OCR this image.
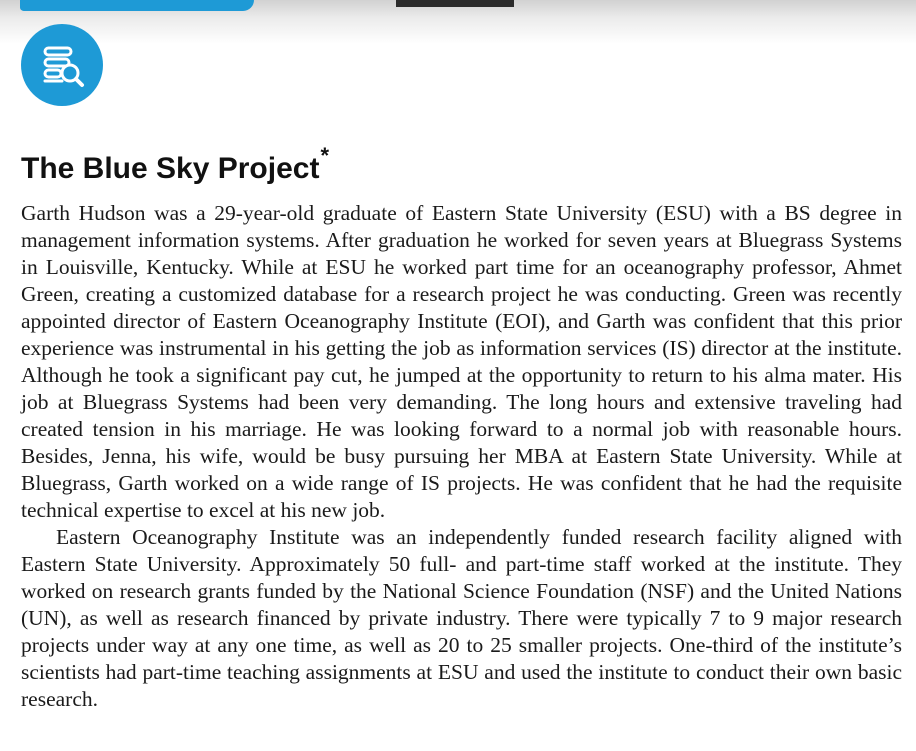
The Blue Sky Project*

Garth Hudson was a 29-year-old graduate of Eastern State University (ESU) with a BS degree in management information systems. After graduation he worked for seven years at Bluegrass Systems in Louisville, Kentucky. While at ESU he worked part time for an oceanography professor, Ahmet Green, creating a customized database for a research project he was conducting. Green was recently appointed director of Eastern Oceanography Institute (EOI), and Garth was confident that this prior experience was instrumental in his getting the job as information services (IS) director at the institute. Although he took a significant pay cut, he jumped at the opportunity to return to his alma mater. His job at Bluegrass Systems had been very demanding. The long hours and extensive traveling had created tension in his marriage. He was looking forward to a normal job with reasonable hours. Besides, Jenna, his wife, would be busy pursuing her MBA at Eastern State University. While at Bluegrass, Garth worked on a wide range of IS projects. He was confident that he had the requisite technical expertise to excel at his new job.

Eastern Oceanography Institute was an independently funded research facility aligned with Eastern State University. Approximately 50 full- and part-time staff worked at the institute. They worked on research grants funded by the National Science Foundation (NSF) and the United Nations (UN), as well as research financed by private industry. There were typically 7 to 9 major research projects under way at any one time, as well as 20 to 25 smaller projects. One-third of the institute’s scientists had part-time teaching assignments at ESU and used the institute to conduct their own basic research.
